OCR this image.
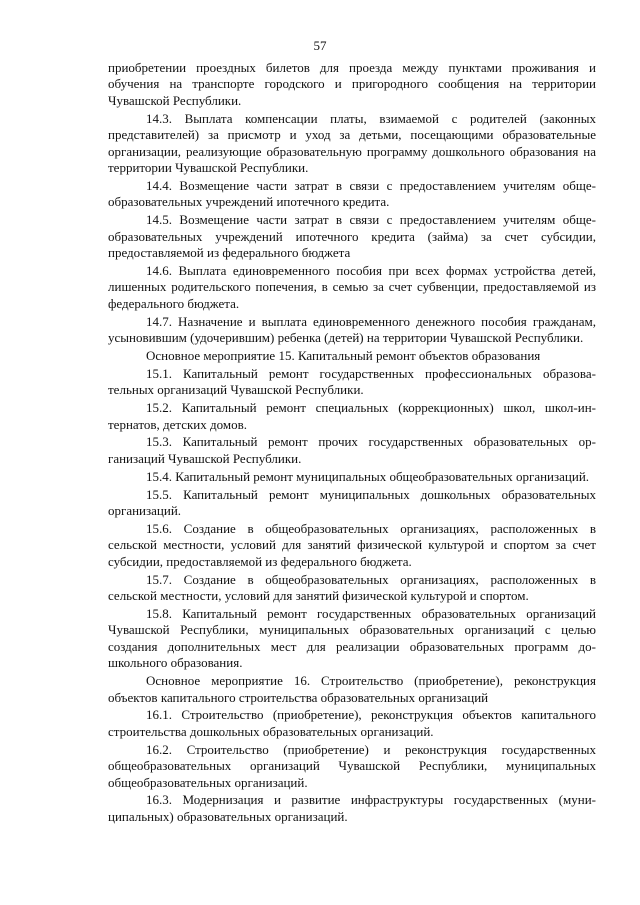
57

приобретении проездных билетов для проезда между пунктами проживания и обучения на транспорте городского и пригородного сообщения на территории Чувашской Республики.

14.3. Выплата компенсации платы, взимаемой с родителей (законных представителей) за присмотр и уход за детьми, посещающими образовательные организации, реализующие образовательную программу дошкольного образования на территории Чувашской Республики.

14.4. Возмещение части затрат в связи с предоставлением учителям общеобразовательных учреждений ипотечного кредита.

14.5. Возмещение части затрат в связи с предоставлением учителям общеобразовательных учреждений ипотечного кредита (займа) за счет субсидии, предоставляемой из федерального бюджета

14.6. Выплата единовременного пособия при всех формах устройства детей, лишенных родительского попечения, в семью за счет субвенции, предоставляемой из федерального бюджета.

14.7. Назначение и выплата единовременного денежного пособия гражданам, усыновившим (удочерившим) ребенка (детей) на территории Чувашской Республики.

Основное мероприятие 15. Капитальный ремонт объектов образования

15.1. Капитальный ремонт государственных профессиональных образовательных организаций Чувашской Республики.

15.2. Капитальный ремонт специальных (коррекционных) школ, школ-интернатов, детских домов.

15.3. Капитальный ремонт прочих государственных образовательных организаций Чувашской Республики.

15.4. Капитальный ремонт муниципальных общеобразовательных организаций.

15.5. Капитальный ремонт муниципальных дошкольных образовательных организаций.

15.6. Создание в общеобразовательных организациях, расположенных в сельской местности, условий для занятий физической культурой и спортом за счет субсидии, предоставляемой из федерального бюджета.

15.7. Создание в общеобразовательных организациях, расположенных в сельской местности, условий для занятий физической культурой и спортом.

15.8. Капитальный ремонт государственных образовательных организаций Чувашской Республики, муниципальных образовательных организаций с целью создания дополнительных мест для реализации образовательных программ дошкольного образования.

Основное мероприятие 16. Строительство (приобретение), реконструкция объектов капитального строительства образовательных организаций

16.1. Строительство (приобретение), реконструкция объектов капитального строительства дошкольных образовательных организаций.

16.2. Строительство (приобретение) и реконструкция государственных общеобразовательных организаций Чувашской Республики, муниципальных общеобразовательных организаций.

16.3. Модернизация и развитие инфраструктуры государственных (муниципальных) образовательных организаций.
